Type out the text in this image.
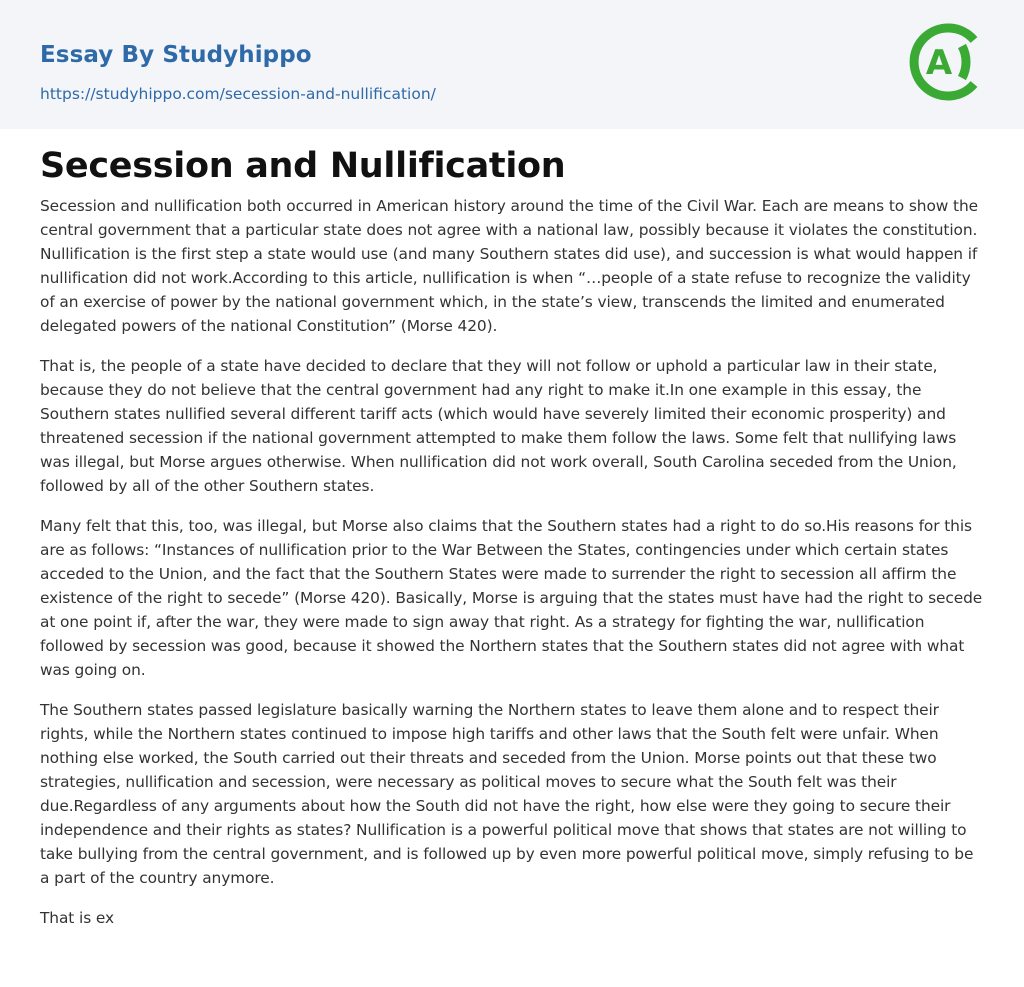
Essay By Studyhippo
https://studyhippo.com/secession-and-nullification/
A
Secession and Nullification

Secession and nullification both occurred in American history around the time of the Civil War. Each are means to show the central government that a particular state does not agree with a national law, possibly because it violates the constitution. Nullification is the first step a state would use (and many Southern states did use), and succession is what would happen if nullification did not work.According to this article, nullification is when “…people of a state refuse to recognize the validity of an exercise of power by the national government which, in the state’s view, transcends the limited and enumerated delegated powers of the national Constitution” (Morse 420).

That is, the people of a state have decided to declare that they will not follow or uphold a particular law in their state, because they do not believe that the central government had any right to make it.In one example in this essay, the Southern states nullified several different tariff acts (which would have severely limited their economic prosperity) and threatened secession if the national government attempted to make them follow the laws. Some felt that nullifying laws was illegal, but Morse argues otherwise. When nullification did not work overall, South Carolina seceded from the Union, followed by all of the other Southern states.

Many felt that this, too, was illegal, but Morse also claims that the Southern states had a right to do so.His reasons for this are as follows: “Instances of nullification prior to the War Between the States, contingencies under which certain states acceded to the Union, and the fact that the Southern States were made to surrender the right to secession all affirm the existence of the right to secede” (Morse 420). Basically, Morse is arguing that the states must have had the right to secede at one point if, after the war, they were made to sign away that right. As a strategy for fighting the war, nullification followed by secession was good, because it showed the Northern states that the Southern states did not agree with what was going on.

The Southern states passed legislature basically warning the Northern states to leave them alone and to respect their rights, while the Northern states continued to impose high tariffs and other laws that the South felt were unfair. When nothing else worked, the South carried out their threats and seceded from the Union. Morse points out that these two strategies, nullification and secession, were necessary as political moves to secure what the South felt was their due.Regardless of any arguments about how the South did not have the right, how else were they going to secure their independence and their rights as states? Nullification is a powerful political move that shows that states are not willing to take bullying from the central government, and is followed up by even more powerful political move, simply refusing to be a part of the country anymore.

That is ex
